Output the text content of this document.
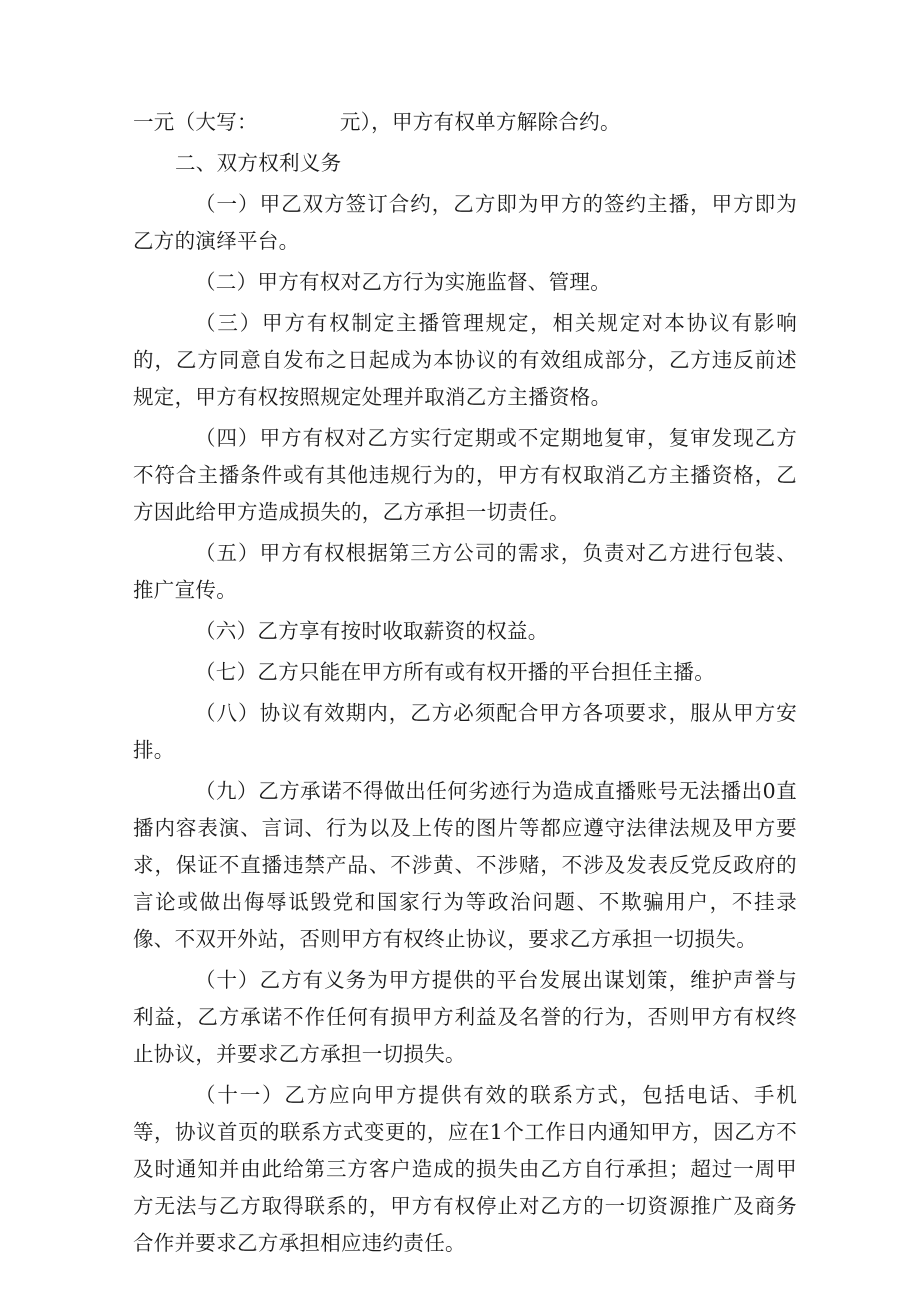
一元（大写：	元），甲方有权单方解除合约。

二、双方权利义务

（一）甲乙双方签订合约，乙方即为甲方的签约主播，甲方即为乙方的演绎平台。

（二）甲方有权对乙方行为实施监督、管理。

（三）甲方有权制定主播管理规定，相关规定对本协议有影响的，乙方同意自发布之日起成为本协议的有效组成部分，乙方违反前述规定，甲方有权按照规定处理并取消乙方主播资格。

（四）甲方有权对乙方实行定期或不定期地复审，复审发现乙方不符合主播条件或有其他违规行为的，甲方有权取消乙方主播资格，乙方因此给甲方造成损失的，乙方承担一切责任。

（五）甲方有权根据第三方公司的需求，负责对乙方进行包装、推广宣传。

（六）乙方享有按时收取薪资的权益。

（七）乙方只能在甲方所有或有权开播的平台担任主播。

（八）协议有效期内，乙方必须配合甲方各项要求，服从甲方安排。

（九）乙方承诺不得做出任何劣迹行为造成直播账号无法播出0直播内容表演、言词、行为以及上传的图片等都应遵守法律法规及甲方要求，保证不直播违禁产品、不涉黄、不涉赌，不涉及发表反党反政府的言论或做出侮辱诋毁党和国家行为等政治问题、不欺骗用户，不挂录像、不双开外站，否则甲方有权终止协议，要求乙方承担一切损失。

（十）乙方有义务为甲方提供的平台发展出谋划策，维护声誉与利益，乙方承诺不作任何有损甲方利益及名誉的行为，否则甲方有权终止协议，并要求乙方承担一切损失。

（十一）乙方应向甲方提供有效的联系方式，包括电话、手机等，协议首页的联系方式变更的，应在1个工作日内通知甲方，因乙方不及时通知并由此给第三方客户造成的损失由乙方自行承担；超过一周甲方无法与乙方取得联系的，甲方有权停止对乙方的一切资源推广及商务合作并要求乙方承担相应违约责任。
